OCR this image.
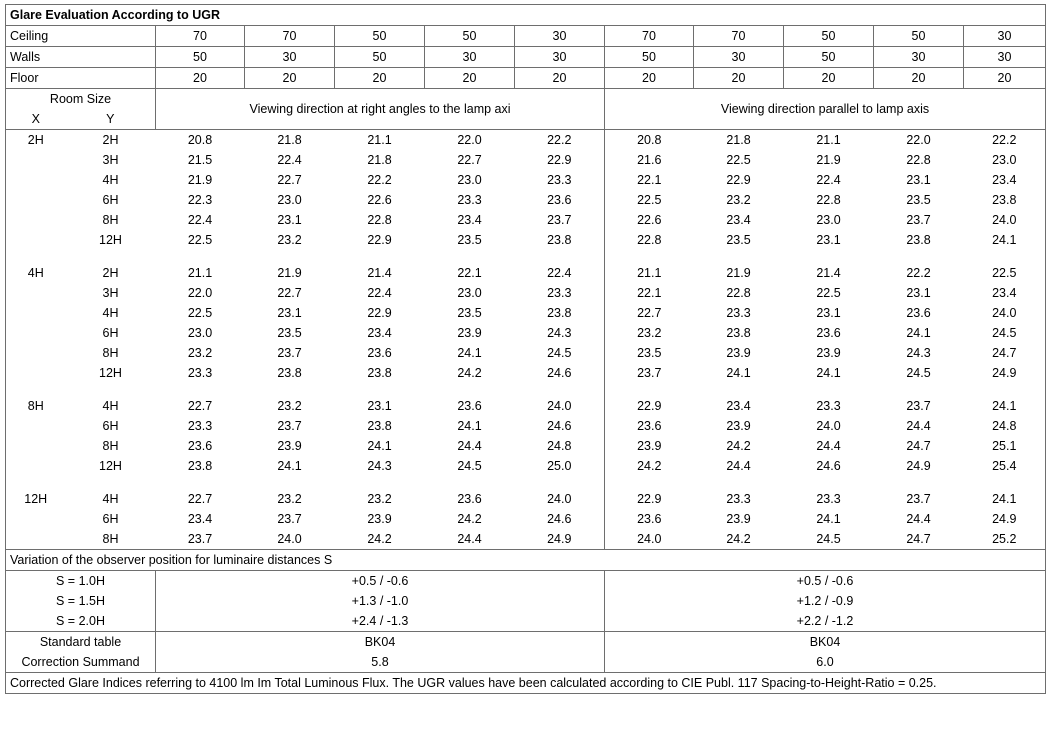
Glare Evaluation According to UGR											
Ceiling		70	70	50	50	30	70	70	50	50	30
Walls		50	30	50	30	30	50	30	50	30	30
Floor		20	20	20	20	20	20	20	20	20	20
Room Size		Viewing direction at right angles to the lamp axi					Viewing direction parallel to lamp axis				
X	Y										
2H	2H	20.8	21.8	21.1	22.0	22.2	20.8	21.8	21.1	22.0	22.2
	3H	21.5	22.4	21.8	22.7	22.9	21.6	22.5	21.9	22.8	23.0
	4H	21.9	22.7	22.2	23.0	23.3	22.1	22.9	22.4	23.1	23.4
	6H	22.3	23.0	22.6	23.3	23.6	22.5	23.2	22.8	23.5	23.8
	8H	22.4	23.1	22.8	23.4	23.7	22.6	23.4	23.0	23.7	24.0
	12H	22.5	23.2	22.9	23.5	23.8	22.8	23.5	23.1	23.8	24.1

4H	2H	21.1	21.9	21.4	22.1	22.4	21.1	21.9	21.4	22.2	22.5
	3H	22.0	22.7	22.4	23.0	23.3	22.1	22.8	22.5	23.1	23.4
	4H	22.5	23.1	22.9	23.5	23.8	22.7	23.3	23.1	23.6	24.0
	6H	23.0	23.5	23.4	23.9	24.3	23.2	23.8	23.6	24.1	24.5
	8H	23.2	23.7	23.6	24.1	24.5	23.5	23.9	23.9	24.3	24.7
	12H	23.3	23.8	23.8	24.2	24.6	23.7	24.1	24.1	24.5	24.9

8H	4H	22.7	23.2	23.1	23.6	24.0	22.9	23.4	23.3	23.7	24.1
	6H	23.3	23.7	23.8	24.1	24.6	23.6	23.9	24.0	24.4	24.8
	8H	23.6	23.9	24.1	24.4	24.8	23.9	24.2	24.4	24.7	25.1
	12H	23.8	24.1	24.3	24.5	25.0	24.2	24.4	24.6	24.9	25.4

12H	4H	22.7	23.2	23.2	23.6	24.0	22.9	23.3	23.3	23.7	24.1
	6H	23.4	23.7	23.9	24.2	24.6	23.6	23.9	24.1	24.4	24.9
	8H	23.7	24.0	24.2	24.4	24.9	24.0	24.2	24.5	24.7	25.2
Variation of the observer position for luminaire distances S											
S = 1.0H		+0.5 / -0.6					+0.5 / -0.6				
S = 1.5H		+1.3 / -1.0					+1.2 / -0.9				
S = 2.0H		+2.4 / -1.3					+2.2 / -1.2				
Standard table		BK04					BK04				
Correction Summand		5.8					6.0				
Corrected Glare Indices referring to 4100 lm Im Total Luminous Flux. The UGR values have been calculated according to CIE Publ. 117 Spacing-to-Height-Ratio = 0.25.											
